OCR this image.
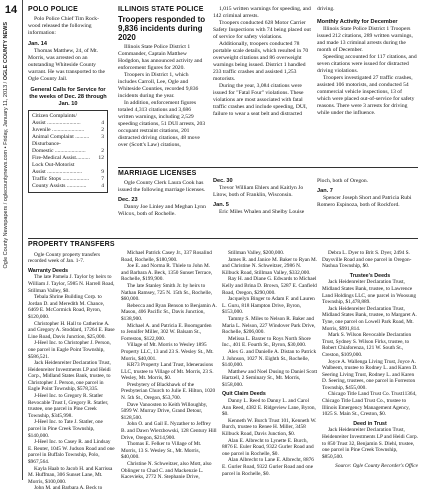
14
Ogle County Newspapers / oglecountynews.com • Friday, January 11, 2013 / OGLE COUNTY NEWS
POLO POLICE

Polo Police Chief Tim Rock-wood released the following information:

Jan. 14

Thomas Matthew, 24, of Mt. Morris, was arrested on an outstanding Whiteside County warrant. He was transported to the Ogle County Jail.

General Calls for Service for the weeks of Dec. 28 through Jan. 10

Citizen Complaints/
Assist ........................	4
Juvenile .......................	2
Animal Complaint .......... 3
Disturbance-
Domestic ......................	2
Fire-Medical Assist.......... 12
Lock Out-Motorist
Assist .........................	9
Traffic Stops ................... 7
County Assists ..............	4
ILLINOIS STATE POLICE
Troopers responded to 9,836 incidents during 2020

Illinois State Police District 1 Commander, Captain Matthew Hodgdon, has announced activity and enforcement figures for 2020.

Troopers in District 1, which includes Carroll, Lee, Ogle and Whiteside Counties, recorded 9,836 incidents during the year.

In addition, enforcement figures totaled 4,313 citations and 3,686 written warnings, including 2,529 speeding citations, 51 DUI arrests, 203 occupant restraint citations, 201 distracted driving citations, 48 move over (Scott's Law) citations,

1,015 written warnings for speeding, and 142 criminal arrests.

Troopers conducted 628 Motor Carrier Safety Inspections with 74 being placed out of service for safety violations.

Additionally, troopers conducted 78 portable scale details, which resulted in 70 overweight citations and 86 overweight warnings being issued. District 1 handled 233 traffic crashes and assisted 1,253 motorists.

During the year, 3,084 citations were issued for "Fatal Four" violations. These violations are most associated with fatal traffic crashes and include speeding, DUI, failure to wear a seat belt and distracted

driving.

Monthly Activity for December

Illinois State Police District 1 Troopers issued 212 citations, 289 written warnings, and made 13 criminal arrests during the month of December.

Speeding accounted for 117 citations, and seven citations were issued for distracted driving violations.

Troopers investigated 27 traffic crashes, assisted 106 motorists, and conducted 54 commercial vehicle inspections, 13 of which were placed out-of-service for safety reasons. There were 3 arrests for driving while under the influence.

MARRIAGE LICENSES

Ogle County Clerk Laura Cook has issued the following marriage licenses.

Dec. 23

Danny Joe Linley and Meghan Lynn Wilcox, both of Rochelle.

Dec. 30

Trevor William Ehlers and Kaitlyn Jo Litow, both of Franklin, Wisconsin.

Jan. 5

Eric Miles Whalen and Shelby Louise

Ploch, both of Oregon.

Jan. 7

Spencer Joseph Short and Patricia Rubi Romero Espinoza, both of Rockford.

PROPERTY TRANSFERS

Ogle County property transfers recorded week of Jan. 1-7.

Warranty Deeds

The late Pamela J. Taylor by heirs to William J. Taylor, 5985 N. Harrell Road, Stillman Valley, $0.

Tebala Shrine Building Corp. to Jordan D. and Meredith M. Chance, 6469 E. McCormick Road, Byron, $120,000.

Christopher H. Hall to Catherine A. and Gregory A. Stoddard, 17264 E. Base Line Road, Davis Junction, $25,000.

J-Heel Inc. to Christopher J. Person, one parcel in Eagle Point Township, $586,521.

Jack Heidenreiter Declaration Trust, Heidenreiter Investments LP and Heidi Corp., Midland States Bank, trustee, to Christopher J. Person, one parcel in Eagle Point Township, $578,335.

J-Heel Inc. to Gregory R. Statler Revocable Trust I, Gregory R. Statler, trustee, one parcel in Pine Creek Township, $345,998.

J-Heel Inc. to Tate J. Statler, one parcel in Pine Creek Township, $140,000.

J-Heel Inc. to Casey R. and Lindsay E. Reuter, 1045 W. Judson Road and one parcel in Buffalo Township, Polo, $967,564.

Kayla Haab to Jacob H. and Karrissa M. Huffman, 306 Sunset Lane, Mt. Morris, $100,000.

John M. and Barbara A. Beck to

Michael Patrick Casey Jr., 337 Rosalind Road, Rochelle, $180,900.

Joe E. and Norma R. Thiele to John M. and Barbara A. Beck, 1350 Sunset Terrace, Rochelle, $199,900.

The late Stanley Smith Jr. by heirs to Nathan Ramsey, 725 N. 15th St., Rochelle, $60,000.

Rebecca and Ryan Benson to Benjamin A. Mason, 406 Pacific St., Davis Junction, $138,900.

Michael A. and Patricia E. Boomgarden to Jennifer Miller, 302 W. Balsam St., Forreston, $122,000.

Village of Mt. Morris to Wesley 1895 Property LLC, 13 and 23 S. Wesley St., Mt. Morris, $40,001.

KR73 Property Land Trust, Idenerasions LLC, trustee to Village of Mt. Morris, 23 S. Wesley, Mt. Morris, $0.

Presbytery of Blackhawk of the Presbyterian Church to Julie E. Hilton, 1020 N. 5th St., Oregon, $53,700.

Dave Vanoosten to Keith Willoughby, 5099 W. Murray Drive, Grand Detour, $128,500.

John O. and Gail E. Nyzather to Jeffrey B. and Dawn Wierzbowski, 128 Century Hill Drive, Oregon, $214,900.

Thomas E. Felker to Village of Mt. Morris, 13 S. Wesley St., Mt. Morris, $40,000.

Christine N. Schweitzer, also Mott, also Oblinger to Chad C. and Mackenzie L. Kacevieks, 2772 N. Stephanie Drive,

Stillman Valley, $200,000.

James R. and Janice M. Baker to Ryan M. and Christine N. Schweitzer, 2986 N. Kilbuck Road, Stillman Valley, $332,000.

Ray H. and Diane G. Edwards to Michael Kelly and Brina D. Brown, 5287 E. Canfield Road, Oregon, $290,000.

Jacquelyn Binger to Adam F. and Lauren L. Guru, 818 Hampton Drive, Byron, $153,000.

Tammy S. Miles to Nelson R. Baker and Maria L. Nelson, 227 Windover Park Drive, Rochelle, $206,000.

Melissa L. Baxter to Roys North Shore Inc., 401 E. Fourth St., Byron, $30,000.

Alex G. and Danielle A. Distan to Patrick J. Johnson, 1027 N. Eighth St., Rochelle, $140,000.

Matthew and Noel Dusing to Daniel Scott Hartzell, 2 Seminary St., Mt. Morris, $158,000.

Quit Claim Deeds

Danny L. Reed to Danny L. and Carol Ann Reed, 4382 E. Ridgeview Lane, Byron, $0.

Kenneth W. Burch Trust 101, Kenneth W. Burch, trustee to Renee H. Miller, 3458 Kilbuck Road, Davis Junction, $0.

Alan E. Albrecht to Lynette E. Burch, 8876 E. Euler Road, 9322 Gurler Road and one parcel in Rochelle, $0.

Alan Albrecht to Lane E. Albrecht, 8876 E. Gurler Road, 9322 Gurler Road and one parcel in Rochelle, $0.

Debra L. Dyer to Brit S. Dyer, 2494 S. Daysville Road and one parcel in Oregon-Nashua Township, $0.

Trustee's Deeds

Jack Heidenreiter Declaration Trust, Midland States Bank, trustee, to Lawrence Land Holdings LLC, one parcel in Woosung Township, $1,478,889.

Jack Heidenreiter Declaration Trust, Midland States Bank, trustee, to Margaret A. Tyne, one parcel on Lowell Park Road, Mt. Morris, $991,814.

Mark S. Wilson Revocable Declaration Trust, Sydney S. Wilson Firks, trustee, to Robert Chiaforenza, 121 W. South St., Creston, $109,000.

Joyce A. Wallenga Living Trust, Joyce A. Walbeem, trustee to Rodney L. and Karen D. Seering Living Trust, Rodney L. and Karen D. Seering, trustees, one parcel in Forreston Township, $455,000.

Chicago Title Land Trust Co. Trust11364, Chicago Title Land Trust Co., trustee to Illinois Emergency Management Agency, 1025 S. Main St., Creston, $0.

Deed in Trust

Jack Heidenreiter Declaration Trust, Heidenreiter Investments LP and Heidi Corp. to 850 Trust 32, Benjamin S. Diehl, trustee, one parcel in Pine Creek Township, $850,500.

Source: Ogle County Recorder's Office
